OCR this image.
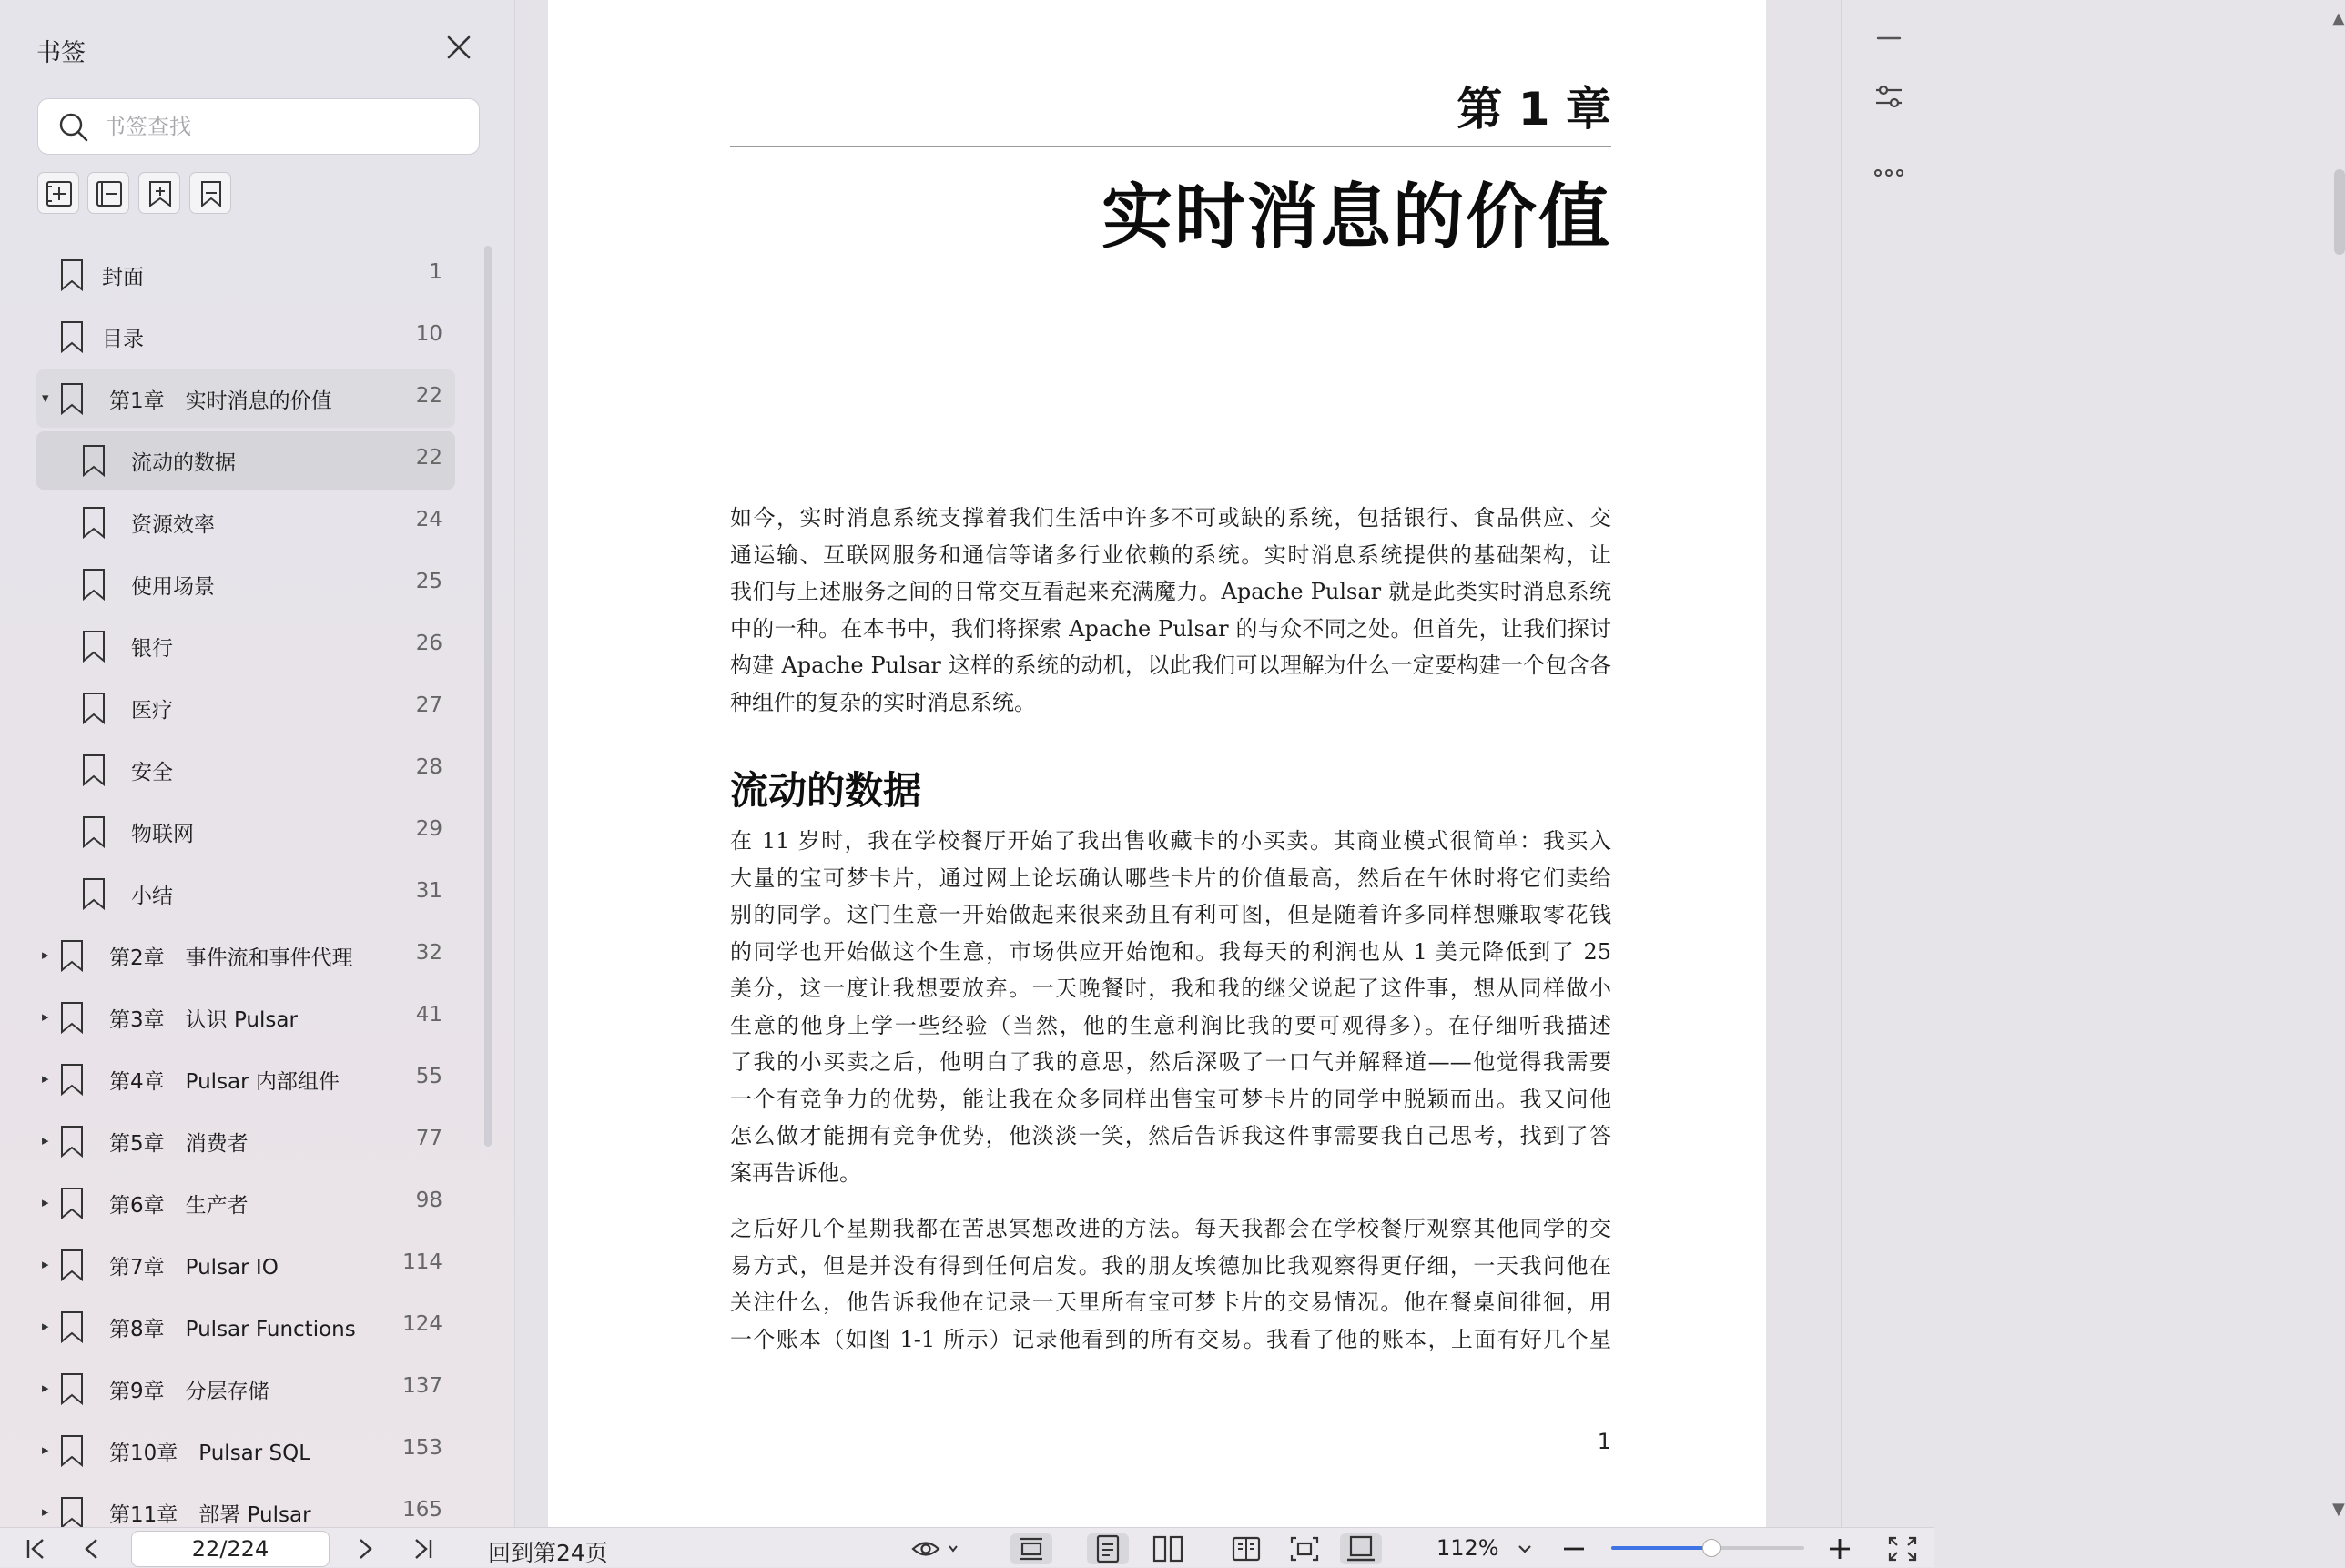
书签
书签查找
封面	1
目录	10
▾	第1章　实时消息的价值	22
流动的数据	22
资源效率	24
使用场景	25
银行	26
医疗	27
安全	28
物联网	29
小结	31
▸	第2章　事件流和事件代理	32
▸	第3章　认识 Pulsar	41
▸	第4章　Pulsar 内部组件	55
▸	第5章　消费者	77
▸	第6章　生产者	98
▸	第7章　Pulsar IO	114
▸	第8章　Pulsar Functions 124
▸	第9章　分层存储	137
▸	第10章　Pulsar SQL	153
▸	第11章　部署 Pulsar	165
第 1 章
实时消息的价值
如今，实时消息系统支撑着我们生活中许多不可或缺的系统，包括银行、食品供应、交
通运输、互联网服务和通信等诸多行业依赖的系统。实时消息系统提供的基础架构，让
我们与上述服务之间的日常交互看起来充满魔力。Apache Pulsar 就是此类实时消息系统
中的一种。在本书中，我们将探索 Apache Pulsar 的与众不同之处。但首先，让我们探讨
构建 Apache Pulsar 这样的系统的动机，以此我们可以理解为什么一定要构建一个包含各
种组件的复杂的实时消息系统。
流动的数据
在 11 岁时，我在学校餐厅开始了我出售收藏卡的小买卖。其商业模式很简单：我买入
大量的宝可梦卡片，通过网上论坛确认哪些卡片的价值最高，然后在午休时将它们卖给
别的同学。这门生意一开始做起来很来劲且有利可图，但是随着许多同样想赚取零花钱
的同学也开始做这个生意，市场供应开始饱和。我每天的利润也从 1 美元降低到了 25
美分，这一度让我想要放弃。一天晚餐时，我和我的继父说起了这件事，想从同样做小
生意的他身上学一些经验（当然，他的生意利润比我的要可观得多）。在仔细听我描述
了我的小买卖之后，他明白了我的意思，然后深吸了一口气并解释道——他觉得我需要
一个有竞争力的优势，能让我在众多同样出售宝可梦卡片的同学中脱颖而出。我又问他
怎么做才能拥有竞争优势，他淡淡一笑，然后告诉我这件事需要我自己思考，找到了答
案再告诉他。
之后好几个星期我都在苦思冥想改进的方法。每天我都会在学校餐厅观察其他同学的交
易方式，但是并没有得到任何启发。我的朋友埃德加比我观察得更仔细，一天我问他在
关注什么，他告诉我他在记录一天里所有宝可梦卡片的交易情况。他在餐桌间徘徊，用
一个账本（如图 1-1 所示）记录他看到的所有交易。我看了他的账本，上面有好几个星
1
▲
▼
22/224
回到第24页	112%
